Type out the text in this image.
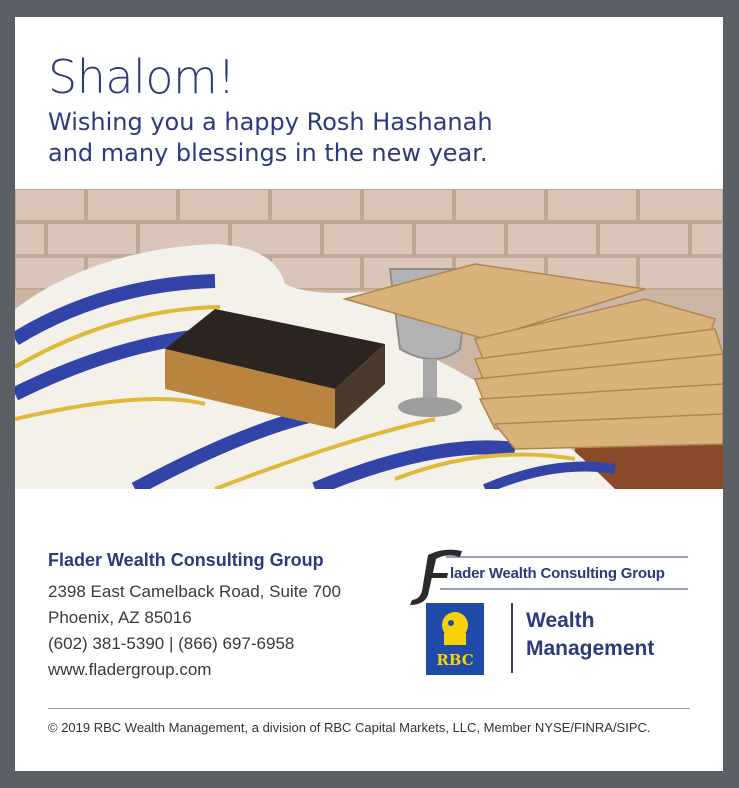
Shalom!
Wishing you a happy Rosh Hashanah
and many blessings in the new year.
Flader Wealth Consulting Group
2398 East Camelback Road, Suite 700
Phoenix, AZ 85016
(602) 381-5390 | (866) 697-6958
www.fladergroup.com
lader Wealth Consulting Group
RBC
Wealth
Management
© 2019 RBC Wealth Management, a division of RBC Capital Markets, LLC, Member NYSE/FINRA/SIPC.
